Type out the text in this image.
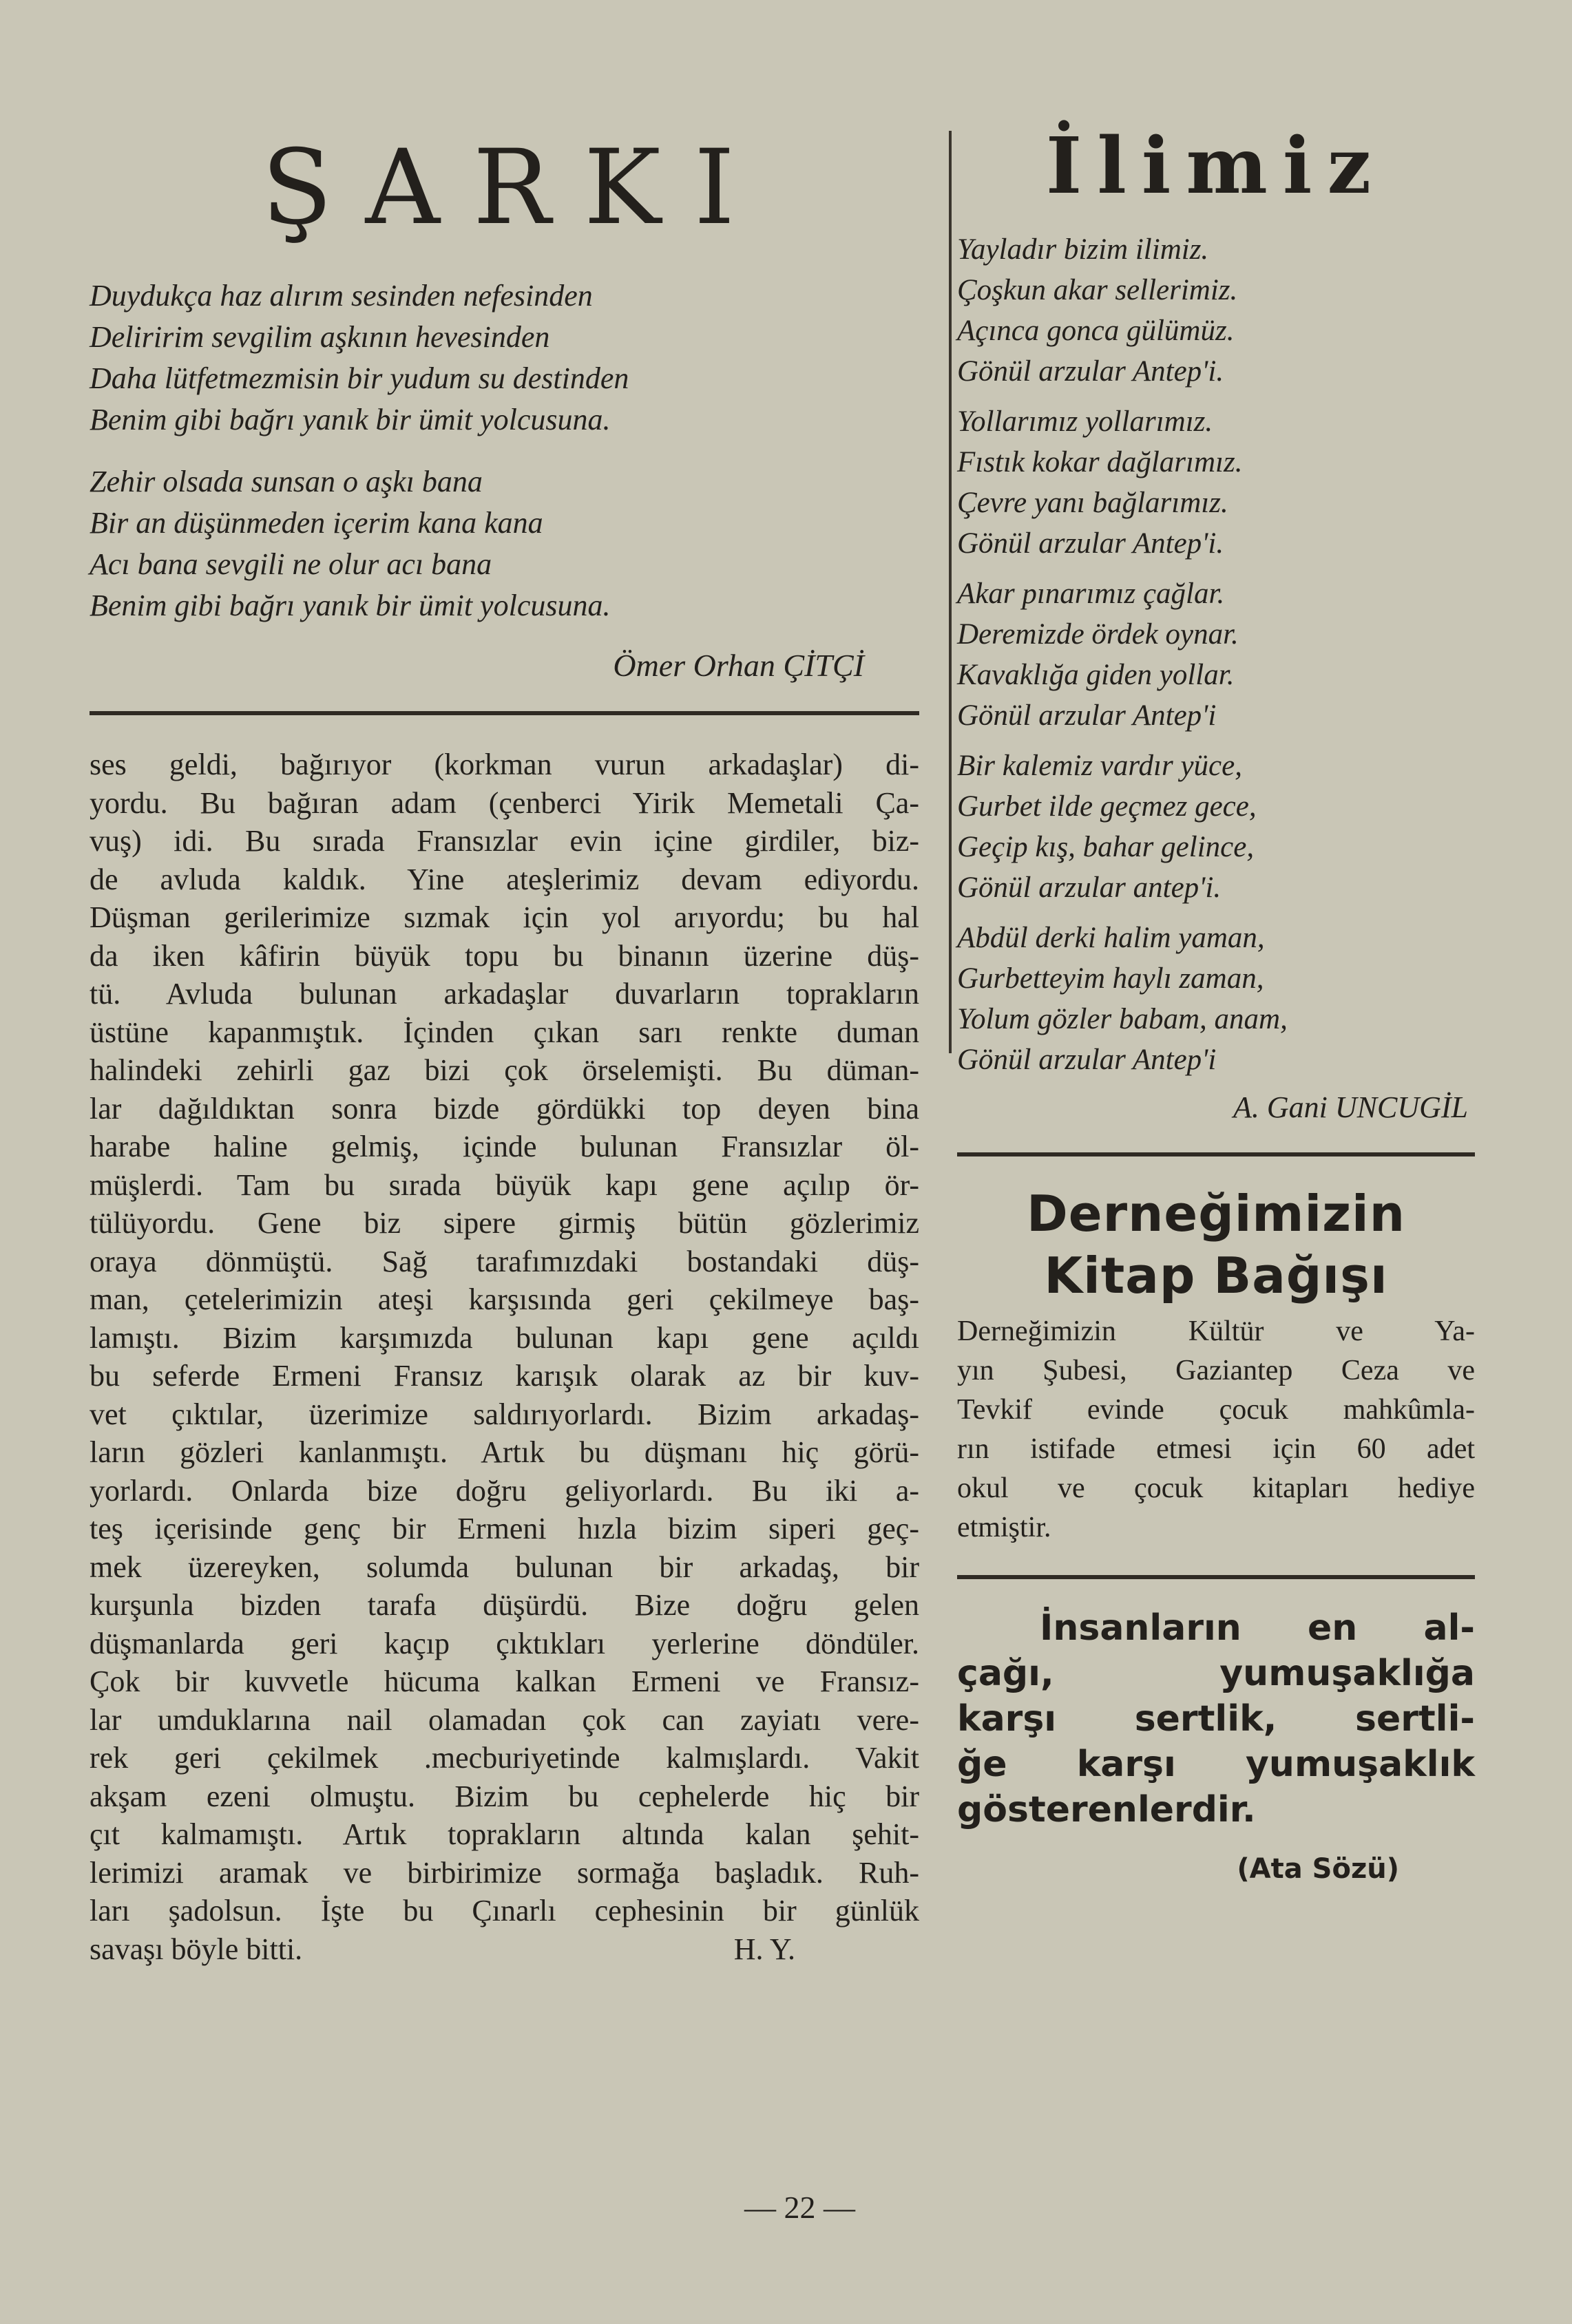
ŞARKI
Duydukça haz alırım sesinden nefesinden
Deliririm sevgilim aşkının hevesinden
Daha lütfetmezmisin bir yudum su destinden
Benim gibi bağrı yanık bir ümit yolcusuna.
Zehir olsada sunsan o aşkı bana
Bir an düşünmeden içerim kana kana
Acı bana sevgili ne olur acı bana
Benim gibi bağrı yanık bir ümit yolcusuna.
Ömer Orhan ÇİTÇİ
ses geldi, bağırıyor (korkman vurun arkadaşlar) di-
yordu. Bu bağıran adam (çenberci Yirik Memetali Ça-
vuş) idi. Bu sırada Fransızlar evin içine girdiler, biz-
de avluda kaldık. Yine ateşlerimiz devam ediyordu.
Düşman gerilerimize sızmak için yol arıyordu; bu hal
da iken kâfirin büyük topu bu binanın üzerine düş-
tü. Avluda bulunan arkadaşlar duvarların toprakların
üstüne kapanmıştık. İçinden çıkan sarı renkte duman
halindeki zehirli gaz bizi çok örselemişti. Bu düman-
lar dağıldıktan sonra bizde gördükki top deyen bina
harabe haline gelmiş, içinde bulunan Fransızlar öl-
müşlerdi. Tam bu sırada büyük kapı gene açılıp ör-
tülüyordu. Gene biz sipere girmiş bütün gözlerimiz
oraya dönmüştü. Sağ tarafımızdaki bostandaki düş-
man, çetelerimizin ateşi karşısında geri çekilmeye baş-
lamıştı. Bizim karşımızda bulunan kapı gene açıldı
bu seferde Ermeni Fransız karışık olarak az bir kuv-
vet çıktılar, üzerimize saldırıyorlardı. Bizim arkadaş-
ların gözleri kanlanmıştı. Artık bu düşmanı hiç görü-
yorlardı. Onlarda bize doğru geliyorlardı. Bu iki a-
teş içerisinde genç bir Ermeni hızla bizim siperi geç-
mek üzereyken, solumda bulunan bir arkadaş, bir
kurşunla bizden tarafa düşürdü. Bize doğru gelen
düşmanlarda geri kaçıp çıktıkları yerlerine döndüler.
Çok bir kuvvetle hücuma kalkan Ermeni ve Fransız-
lar umduklarına nail olamadan çok can zayiatı vere-
rek geri çekilmek .mecburiyetinde kalmışlardı. Vakit
akşam ezeni olmuştu. Bizim bu cephelerde hiç bir
çıt kalmamıştı. Artık toprakların altında kalan şehit-
lerimizi aramak ve birbirimize sormağa başladık. Ruh-
ları şadolsun. İşte bu Çınarlı cephesinin bir günlük
savaşı böyle bitti.	H. Y.
İlimiz
Yayladır bizim ilimiz.
Çoşkun akar sellerimiz.
Açınca gonca gülümüz.
Gönül arzular Antep'i.
Yollarımız yollarımız.
Fıstık kokar dağlarımız.
Çevre yanı bağlarımız.
Gönül arzular Antep'i.
Akar pınarımız çağlar.
Deremizde ördek oynar.
Kavaklığa giden yollar.
Gönül arzular Antep'i
Bir kalemiz vardır yüce,
Gurbet ilde geçmez gece,
Geçip kış, bahar gelince,
Gönül arzular antep'i.
Abdül derki halim yaman,
Gurbetteyim haylı zaman,
Yolum gözler babam, anam,
Gönül arzular Antep'i
A. Gani UNCUGİL
Derneğimizin
Kitap Bağışı
Derneğimizin Kültür ve Ya-
yın Şubesi, Gaziantep Ceza ve
Tevkif evinde çocuk mahkûmla-
rın istifade etmesi için 60 adet
okul ve çocuk kitapları hediye
etmiştir.
İnsanların en al-
çağı, yumuşaklığa
karşı sertlik, sertli-
ğe karşı yumuşaklık
gösterenlerdir.
(Ata Sözü)
— 22 —
